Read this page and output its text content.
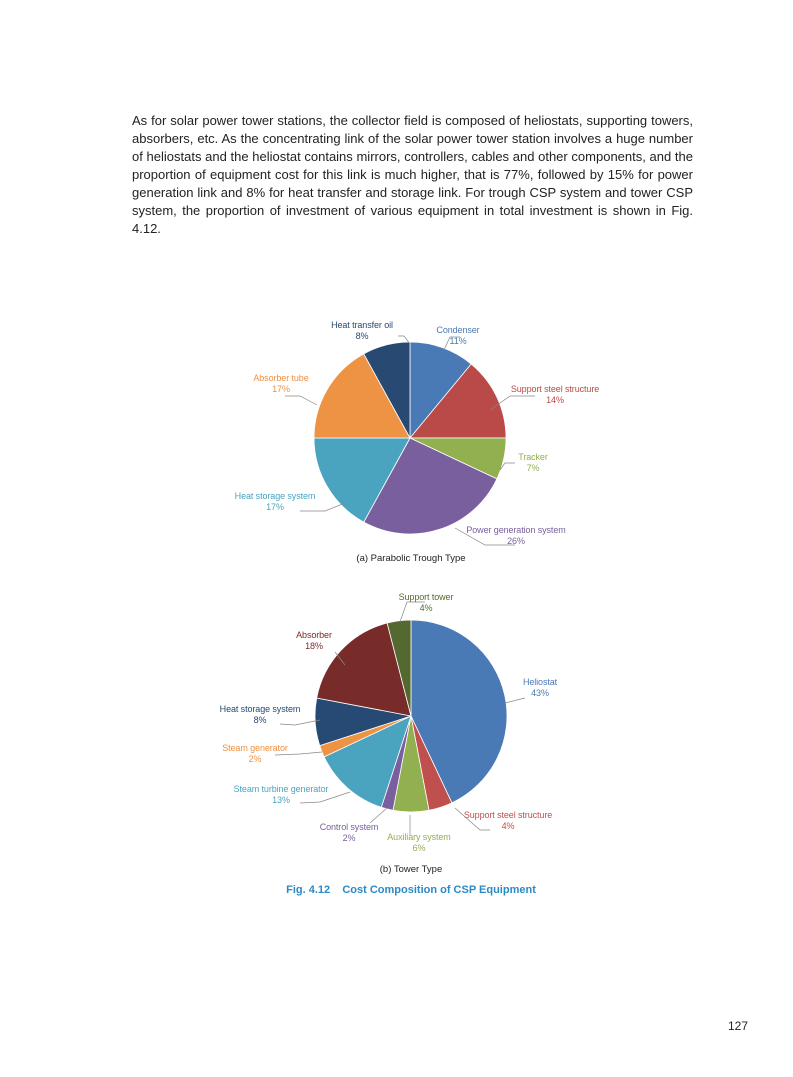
As for solar power tower stations, the collector field is composed of heliostats, supporting towers, absorbers, etc. As the concentrating link of the solar power tower station involves a huge number of heliostats and the heliostat contains mirrors, controllers, cables and other components, and the proportion of equipment cost for this link is much higher, that is 77%, followed by 15% for power generation link and 8% for heat transfer and storage link. For trough CSP system and tower CSP system, the proportion of investment of various equipment in total investment is shown in Fig. 4.12.
Heat transfer oil
8%
Condenser
11%
Support steel structure
14%
Tracker
7%
Power generation system
26%
Heat storage system
17%
Absorber tube
17%
(a) Parabolic Trough Type
Support tower
4%
Absorber
18%
Heliostat
43%
Heat storage system
8%
Steam generator
2%
Steam turbine generator
13%
Control system
2%	Auxiliary system
6%
Support steel structure
4%
(b) Tower Type
Fig. 4.12    Cost Composition of CSP Equipment
127
